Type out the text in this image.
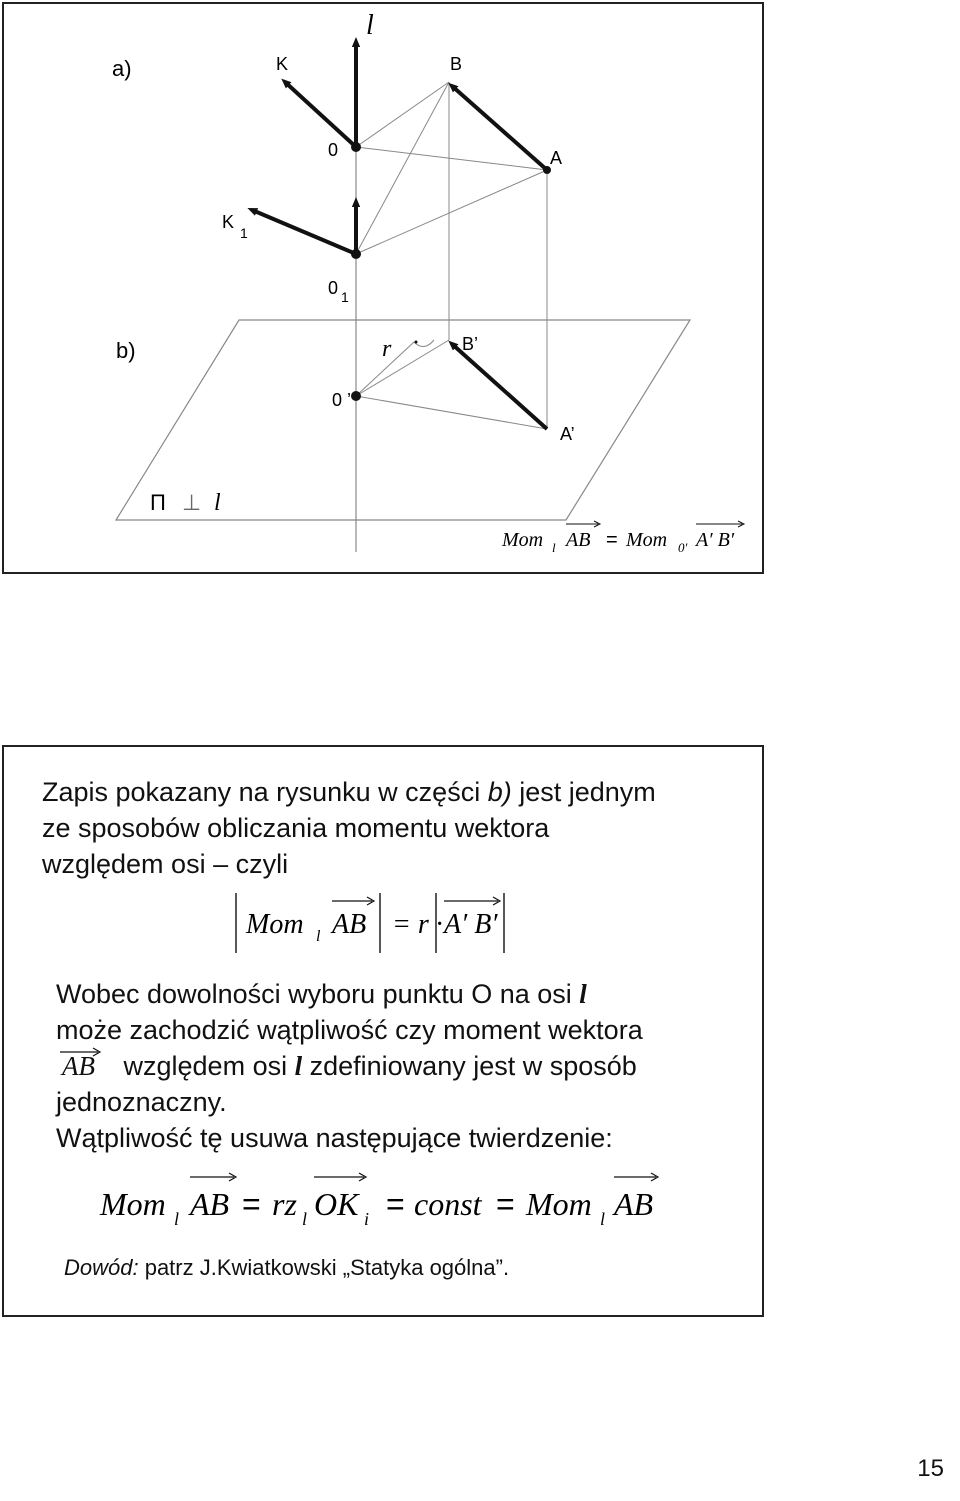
l
a)	K	B
0	A
K
1
0 1
b)	r	B’
0 ’
A’
Π ⊥ l
Mom l AB = Mom 0′ A′ B′
Zapis pokazany na rysunku w części b) jest jednym
ze sposobów obliczania momentu wektora
względem osi – czyli
Mom l AB = r · A′ B′
Wobec dowolności wyboru punktu O na osi l
może zachodzić wątpliwość czy moment wektora
AB względem osi l zdefiniowany jest w sposób
jednoznaczny.
Wątpliwość tę usuwa następujące twierdzenie:
Mom l AB = rz l OK i = const = Mom l AB
Dowód: patrz J.Kwiatkowski „Statyka ogólna”.
15
